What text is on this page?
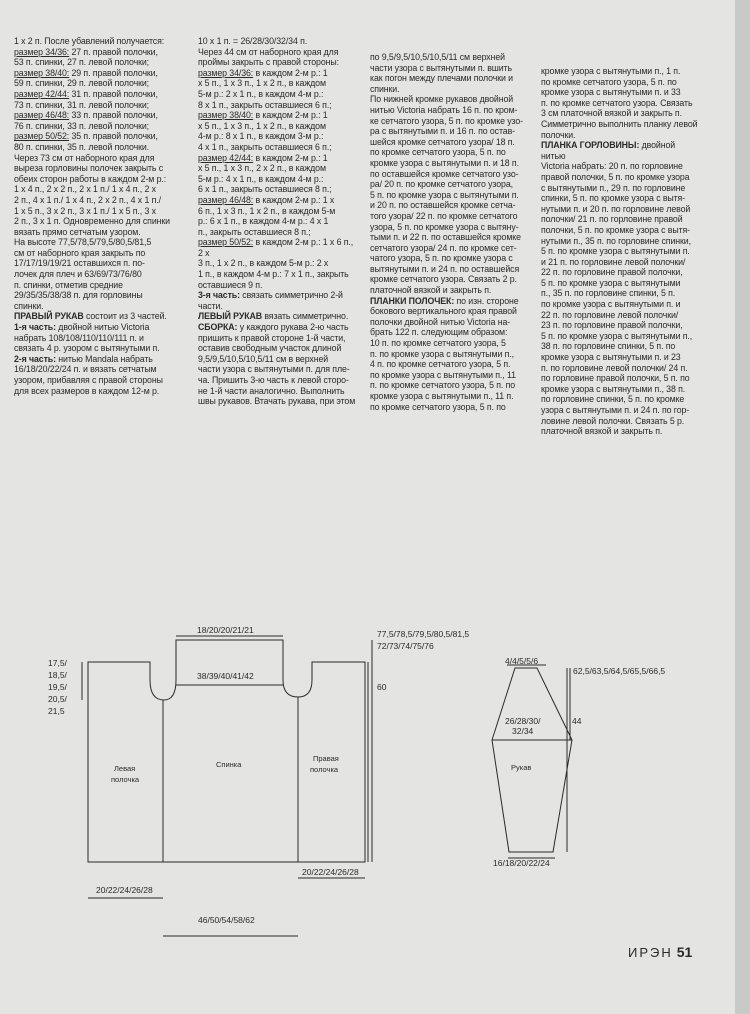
1 x 2 п. После убавлений получается:

размер 34/36: 27 п. правой полочки,

53 п. спинки, 27 п. левой полочки;

размер 38/40: 29 п. правой полочки,

59 п. спинки, 29 п. левой полочки;

размер 42/44: 31 п. правой полочки,

73 п. спинки, 31 п. левой полочки;

размер 46/48: 33 п. правой полочки,

76 п. спинки, 33 п. левой полочки;

размер 50/52: 35 п. правой полочки,

80 п. спинки, 35 п. левой полочки.

Через 73 см от наборного края для

выреза горловины полочек закрыть с

обеих сторон работы в каждом 2-м р.:

1 x 4 п., 2 x 2 п., 2 x 1 п./ 1 x 4 п., 2 x

2 п., 4 x 1 п./ 1 x 4 п., 2 x 2 п., 4 x 1 п./

1 x 5 п., 3 x 2 п., 3 x 1 п./ 1 x 5 п., 3 x

2 п., 3 x 1 п. Одновременно для спинки

вязать прямо сетчатым узором.

На высоте 77,5/78,5/79,5/80,5/81,5

см от наборного края закрыть по

17/17/19/19/21 оставшихся п. по-

лочек для плеч и 63/69/73/76/80

п. спинки, отметив средние

29/35/35/38/38 п. для горловины

спинки.

ПРАВЫЙ РУКАВ состоит из 3 частей.

1-я часть: двойной нитью Victoria

набрать 108/108/110/110/111 п. и

связать 4 р. узором с вытянутыми п.

2-я часть: нитью Mandala набрать

16/18/20/22/24 п. и вязать сетчатым

узором, прибавляя с правой стороны

для всех размеров в каждом 12-м р.

10 x 1 п. = 26/28/30/32/34 п.

Через 44 см от наборного края для

проймы закрыть с правой стороны:

размер 34/36: в каждом 2-м р.: 1

x 5 п., 1 x 3 п., 1 x 2 п., в каждом

5-м р.: 2 x 1 п., в каждом 4-м р.:

8 x 1 п., закрыть оставшиеся 6 п.;

размер 38/40: в каждом 2-м р.: 1

x 5 п., 1 x 3 п., 1 x 2 п., в каждом

4-м р.: 8 x 1 п., в каждом 3-м р.:

4 x 1 п., закрыть оставшиеся 6 п.;

размер 42/44: в каждом 2-м р.: 1

x 5 п., 1 x 3 п., 2 x 2 п., в каждом

5-м р.: 4 x 1 п., в каждом 4-м р.:

6 x 1 п., закрыть оставшиеся 8 п.;

размер 46/48: в каждом 2-м р.: 1 x

6 п., 1 x 3 п., 1 x 2 п., в каждом 5-м

р.: 6 x 1 п., в каждом 4-м р.: 4 x 1

п., закрыть оставшиеся 8 п.;

размер 50/52: в каждом 2-м р.: 1 x 6 п., 2 x

3 п., 1 x 2 п., в каждом 5-м р.: 2 x

1 п., в каждом 4-м р.: 7 x 1 п., закрыть

оставшиеся 9 п.

3-я часть: связать симметрично 2-й

части.

ЛЕВЫЙ РУКАВ вязать симметрично.

СБОРКА: у каждого рукава 2-ю часть

пришить к правой стороне 1-й части,

оставив свободным участок длиной

9,5/9,5/10,5/10,5/11 см в верхней

части узора с вытянутыми п. для пле-

ча. Пришить 3-ю часть к левой сторо-

не 1-й части аналогично. Выполнить

швы рукавов. Втачать рукава, при этом

по 9,5/9,5/10,5/10,5/11 см верхней

части узора с вытянутыми п. вшить

как погон между плечами полочки и

спинки.

По нижней кромке рукавов двойной

нитью Victoria набрать 16 п. по кром-

ке сетчатого узора, 5 п. по кромке узо-

ра с вытянутыми п. и 16 п. по остав-

шейся кромке сетчатого узора/ 18 п.

по кромке сетчатого узора, 5 п. по

кромке узора с вытянутыми п. и 18 п.

по оставшейся кромке сетчатого узо-

ра/ 20 п. по кромке сетчатого узора,

5 п. по кромке узора с вытянутыми п.

и 20 п. по оставшейся кромке сетча-

того узора/ 22 п. по кромке сетчатого

узора, 5 п. по кромке узора с вытяну-

тыми п. и 22 п. по оставшейся кромке

сетчатого узора/ 24 п. по кромке сет-

чатого узора, 5 п. по кромке узора с

вытянутыми п. и 24 п. по оставшейся

кромке сетчатого узора. Связать 2 р.

платочной вязкой и закрыть п.

ПЛАНКИ ПОЛОЧЕК: по изн. стороне

бокового вертикального края правой

полочки двойной нитью Victoria на-

брать 122 п. следующим образом:

10 п. по кромке сетчатого узора, 5

п. по кромке узора с вытянутыми п.,

4 п. по кромке сетчатого узора, 5 п.

по кромке узора с вытянутыми п., 11

п. по кромке сетчатого узора, 5 п. по

кромке узора с вытянутыми п., 11 п.

по кромке сетчатого узора, 5 п. по

кромке узора с вытянутыми п., 1 п.

по кромке сетчатого узора, 5 п. по

кромке узора с вытянутыми п. и 33

п. по кромке сетчатого узора. Связать

3 см платочной вязкой и закрыть п.

Симметрично выполнить планку левой

полочки.

ПЛАНКА ГОРЛОВИНЫ: двойной нитью

Victoria набрать: 20 п. по горловине

правой полочки, 5 п. по кромке узора

с вытянутыми п., 29 п. по горловине

спинки, 5 п. по кромке узора с вытя-

нутыми п. и 20 п. по горловине левой

полочки/ 21 п. по горловине правой

полочки, 5 п. по кромке узора с вытя-

нутыми п., 35 п. по горловине спинки,

5 п. по кромке узора с вытянутыми п.

и 21 п. по горловине левой полочки/

22 п. по горловине правой полочки,

5 п. по кромке узора с вытянутыми

п., 35 п. по горловине спинки, 5 п.

по кромке узора с вытянутыми п. и

22 п. по горловине левой полочки/

23 п. по горловине правой полочки,

5 п. по кромке узора с вытянутыми п.,

38 п. по горловине спинки, 5 п. по

кромке узора с вытянутыми п. и 23

п. по горловине левой полочки/ 24 п.

по горловине правой полочки, 5 п. по

кромке узора с вытянутыми п., 38 п.

по горловине спинки, 5 п. по кромке

узора с вытянутыми п. и 24 п. по гор-

ловине левой полочки. Связать 5 р.

платочной вязкой и закрыть п.

18/20/20/21/21
38/39/40/41/42
77,5/78,5/79,5/80,5/81,5
72/73/74/75/76
60
17,5/
18,5/
19,5/
20,5/
21,5
Левая
полочка
Спинка
Правая
полочка
20/22/24/26/28
20/22/24/26/28
46/50/54/58/62
4/4/5/5/6
62,5/63,5/64,5/65,5/66,5
26/28/30/
32/34
44
Рукав
16/18/20/22/24
ИРЭН 51
